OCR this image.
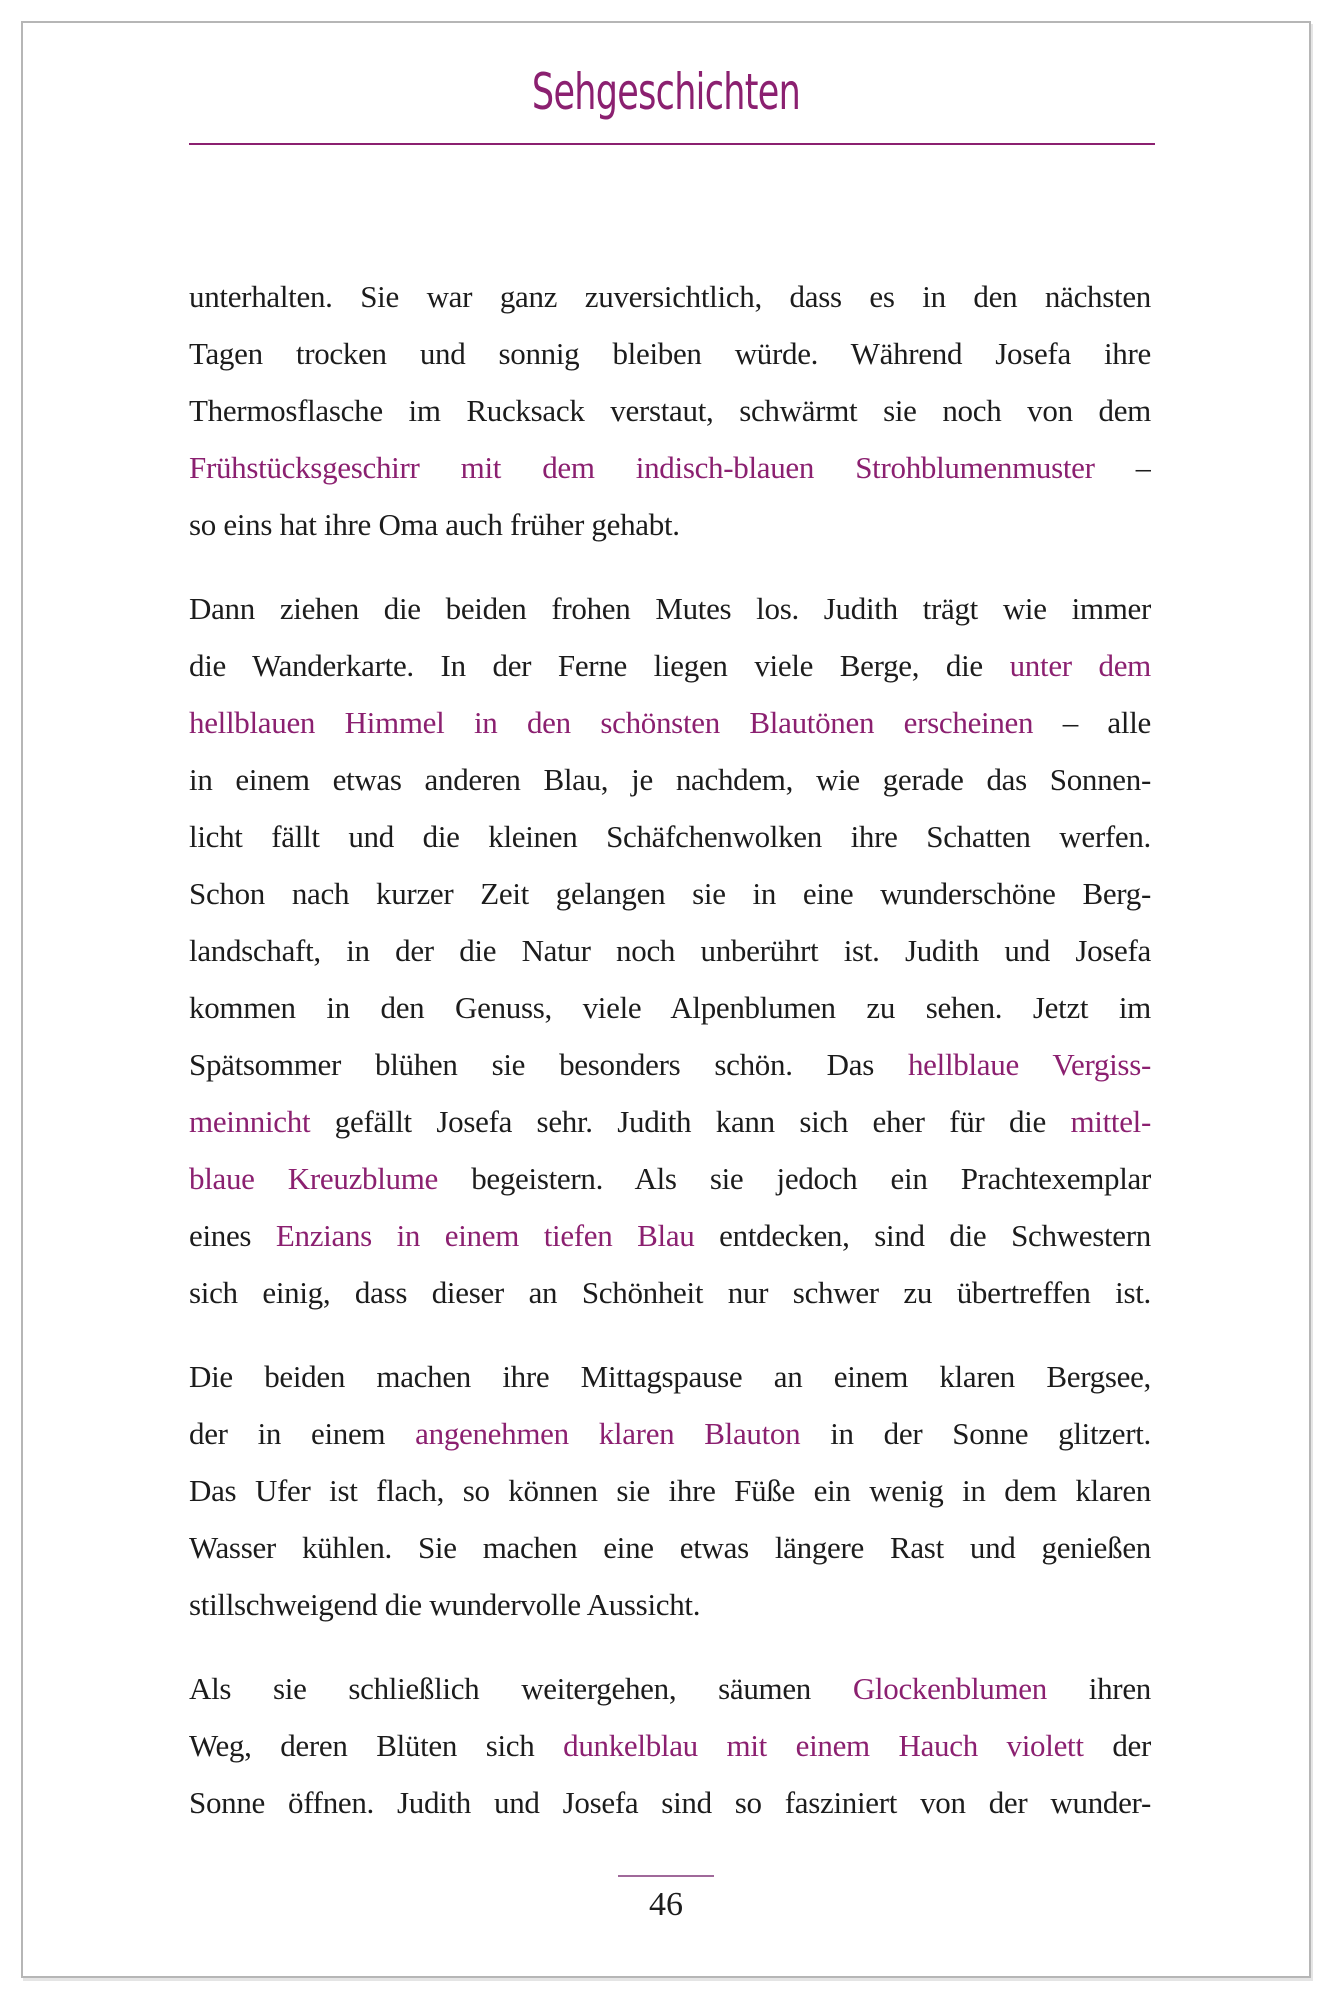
Sehgeschichten
unterhalten. Sie war ganz zuversichtlich, dass es in den nächsten
Tagen trocken und sonnig bleiben würde. Während Josefa ihre
Thermosflasche im Rucksack verstaut, schwärmt sie noch von dem
Frühstücksgeschirr mit dem indisch-blauen Strohblumenmuster –
so eins hat ihre Oma auch früher gehabt.
Dann ziehen die beiden frohen Mutes los. Judith trägt wie immer
die Wanderkarte. In der Ferne liegen viele Berge, die unter dem
hellblauen Himmel in den schönsten Blautönen erscheinen – alle
in einem etwas anderen Blau, je nachdem, wie gerade das Sonnen-
licht fällt und die kleinen Schäfchenwolken ihre Schatten werfen.
Schon nach kurzer Zeit gelangen sie in eine wunderschöne Berg-
landschaft, in der die Natur noch unberührt ist. Judith und Josefa
kommen in den Genuss, viele Alpenblumen zu sehen. Jetzt im
Spätsommer blühen sie besonders schön. Das hellblaue Vergiss-
meinnicht gefällt Josefa sehr. Judith kann sich eher für die mittel-
blaue Kreuzblume begeistern. Als sie jedoch ein Prachtexemplar
eines Enzians in einem tiefen Blau entdecken, sind die Schwestern
sich einig, dass dieser an Schönheit nur schwer zu übertreffen ist.
Die beiden machen ihre Mittagspause an einem klaren Bergsee,
der in einem angenehmen klaren Blauton in der Sonne glitzert.
Das Ufer ist flach, so können sie ihre Füße ein wenig in dem klaren
Wasser kühlen. Sie machen eine etwas längere Rast und genießen
stillschweigend die wundervolle Aussicht.
Als sie schließlich weitergehen, säumen Glockenblumen ihren
Weg, deren Blüten sich dunkelblau mit einem Hauch violett der
Sonne öffnen. Judith und Josefa sind so fasziniert von der wunder-
46
